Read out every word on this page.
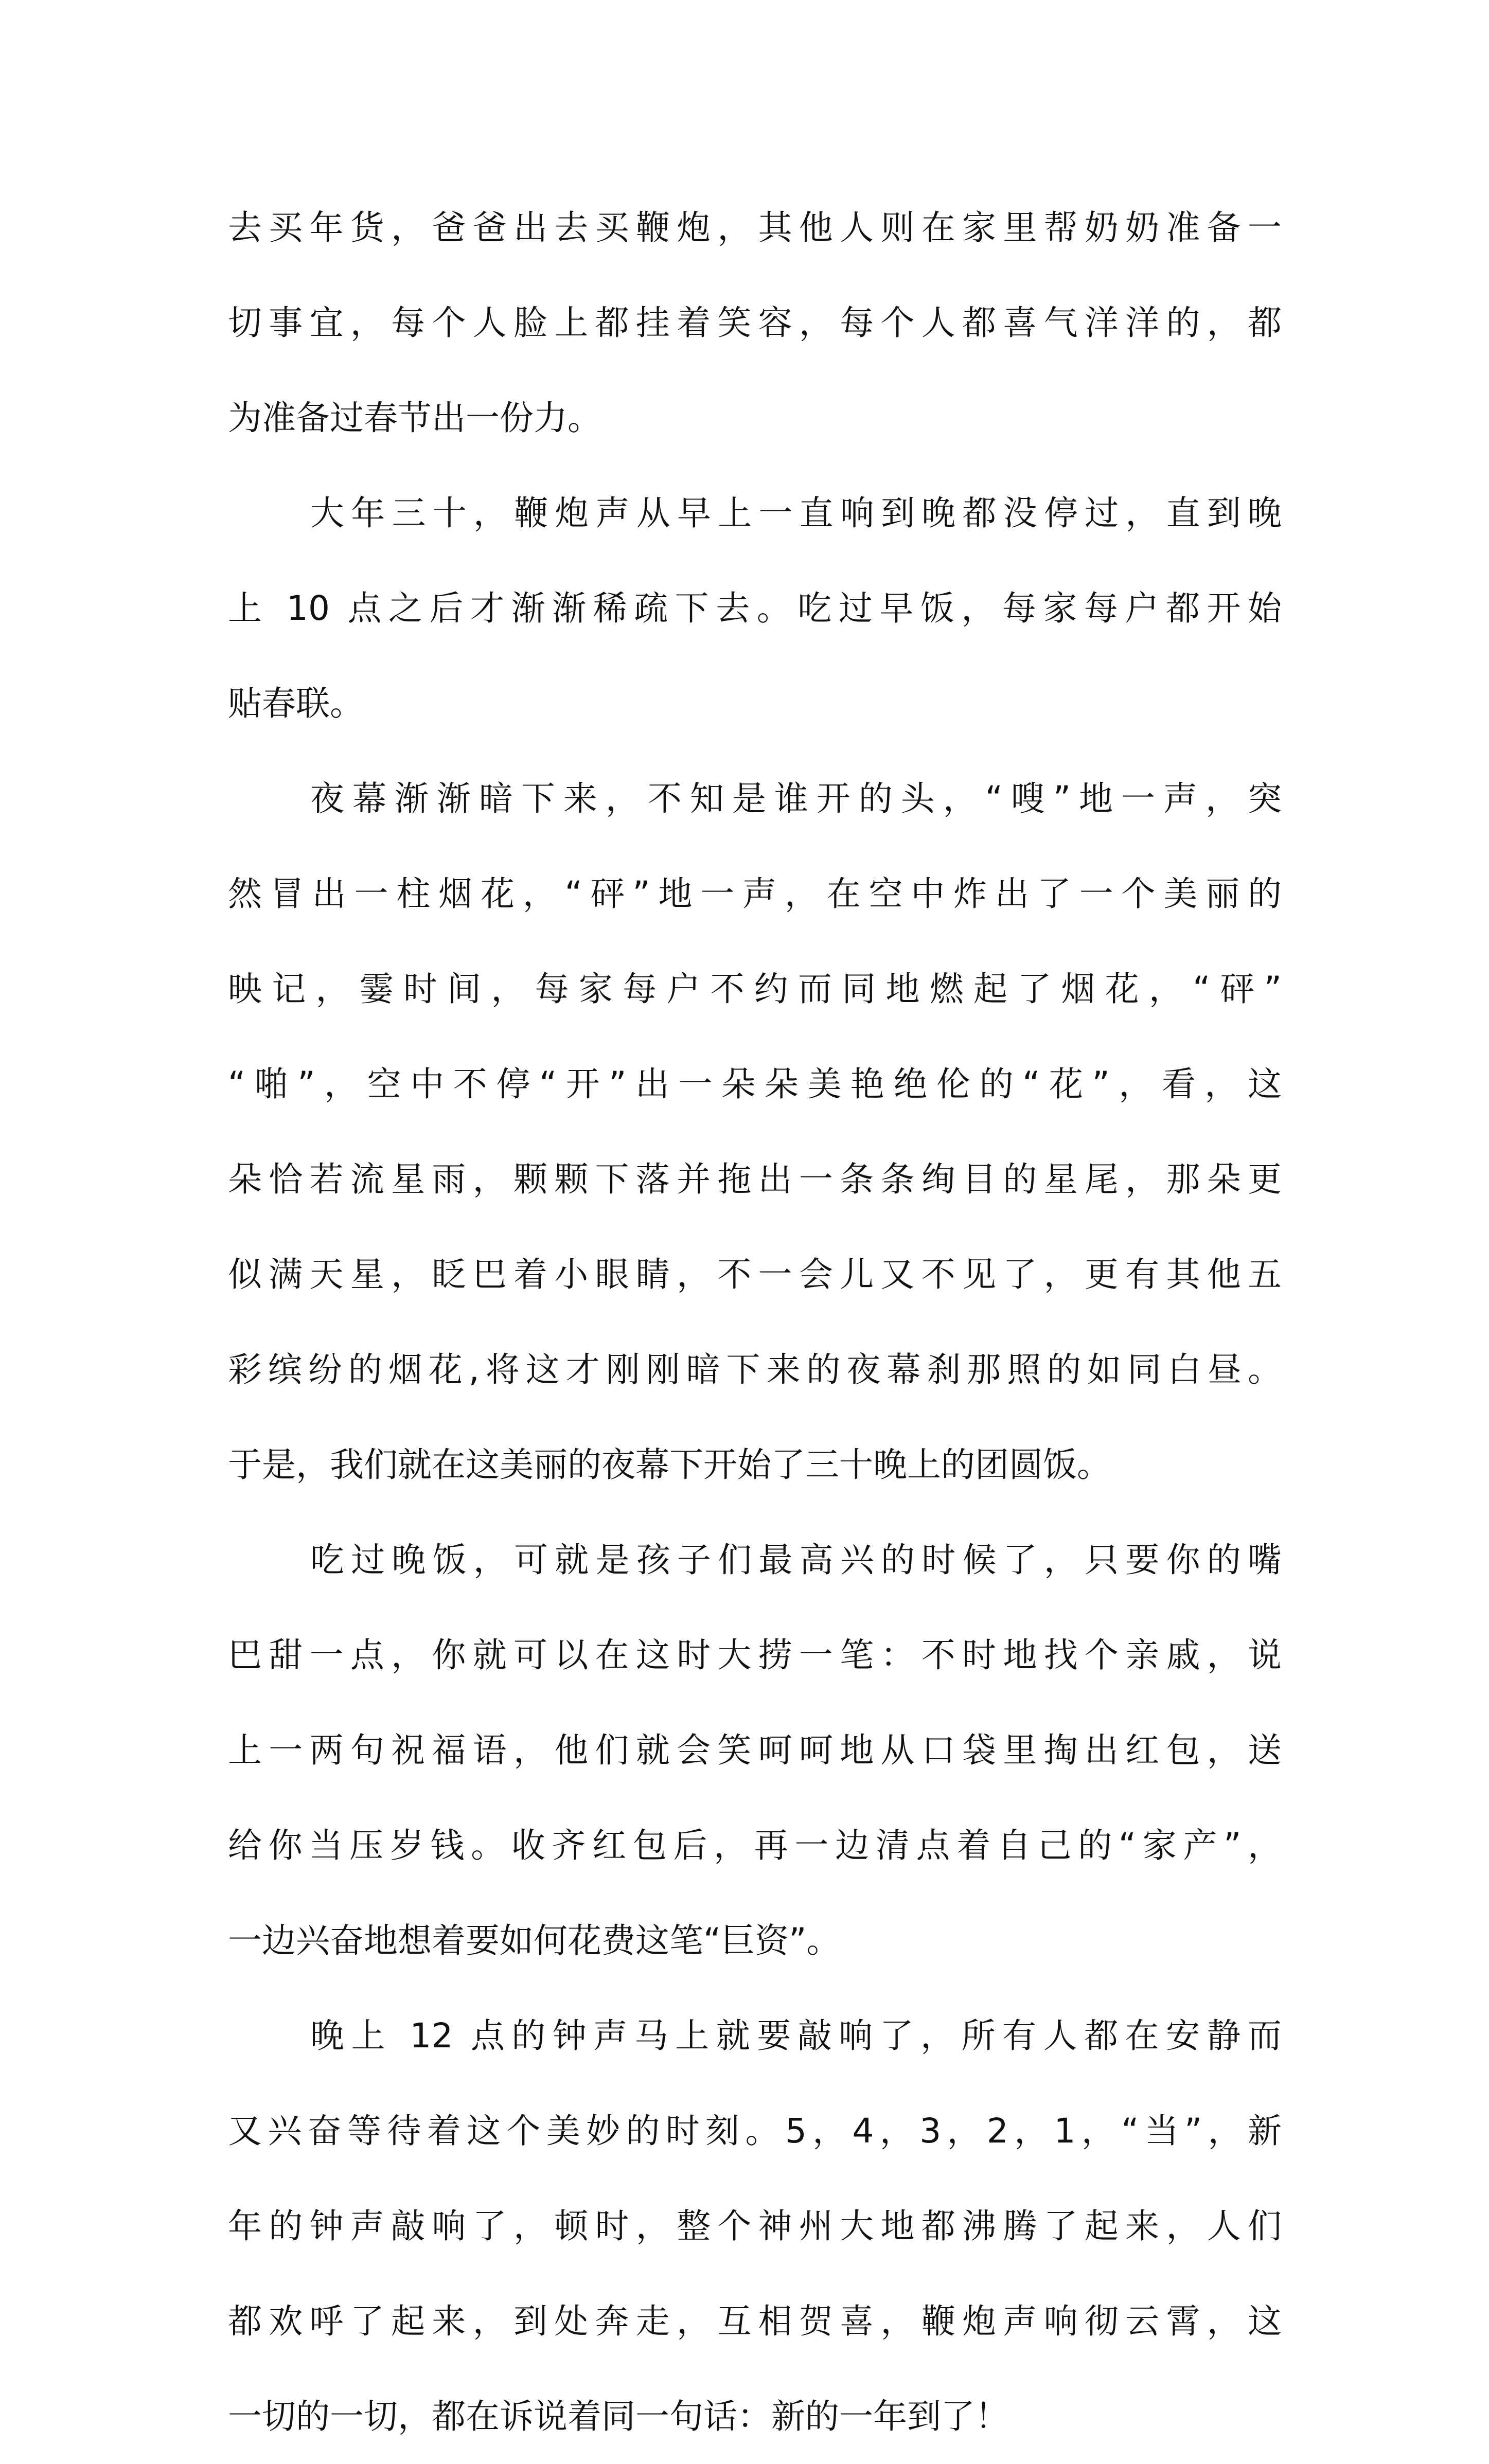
去买年货，爸爸出去买鞭炮，其他人则在家里帮奶奶准备一
切事宜，每个人脸上都挂着笑容，每个人都喜气洋洋的，都
为准备过春节出一份力。
大年三十，鞭炮声从早上一直响到晚都没停过，直到晚
上 10 点之后才渐渐稀疏下去。吃过早饭，每家每户都开始
贴春联。
夜幕渐渐暗下来，不知是谁开的头，“嗖”地一声，突
然冒出一柱烟花，“砰”地一声，在空中炸出了一个美丽的
映记，霎时间，每家每户不约而同地燃起了烟花，“砰”
“啪”，空中不停“开”出一朵朵美艳绝伦的“花”，看，这
朵恰若流星雨，颗颗下落并拖出一条条绚目的星尾，那朵更
似满天星，眨巴着小眼睛，不一会儿又不见了，更有其他五
彩缤纷的烟花,将这才刚刚暗下来的夜幕刹那照的如同白昼。
于是，我们就在这美丽的夜幕下开始了三十晚上的团圆饭。
吃过晚饭，可就是孩子们最高兴的时候了，只要你的嘴
巴甜一点，你就可以在这时大捞一笔：不时地找个亲戚，说
上一两句祝福语，他们就会笑呵呵地从口袋里掏出红包，送
给你当压岁钱。收齐红包后，再一边清点着自己的“家产”，
一边兴奋地想着要如何花费这笔“巨资”。
晚上 12 点的钟声马上就要敲响了，所有人都在安静而
又兴奋等待着这个美妙的时刻。5，4，3，2，1，“当”，新
年的钟声敲响了，顿时，整个神州大地都沸腾了起来，人们
都欢呼了起来，到处奔走，互相贺喜，鞭炮声响彻云霄，这
一切的一切，都在诉说着同一句话：新的一年到了！
